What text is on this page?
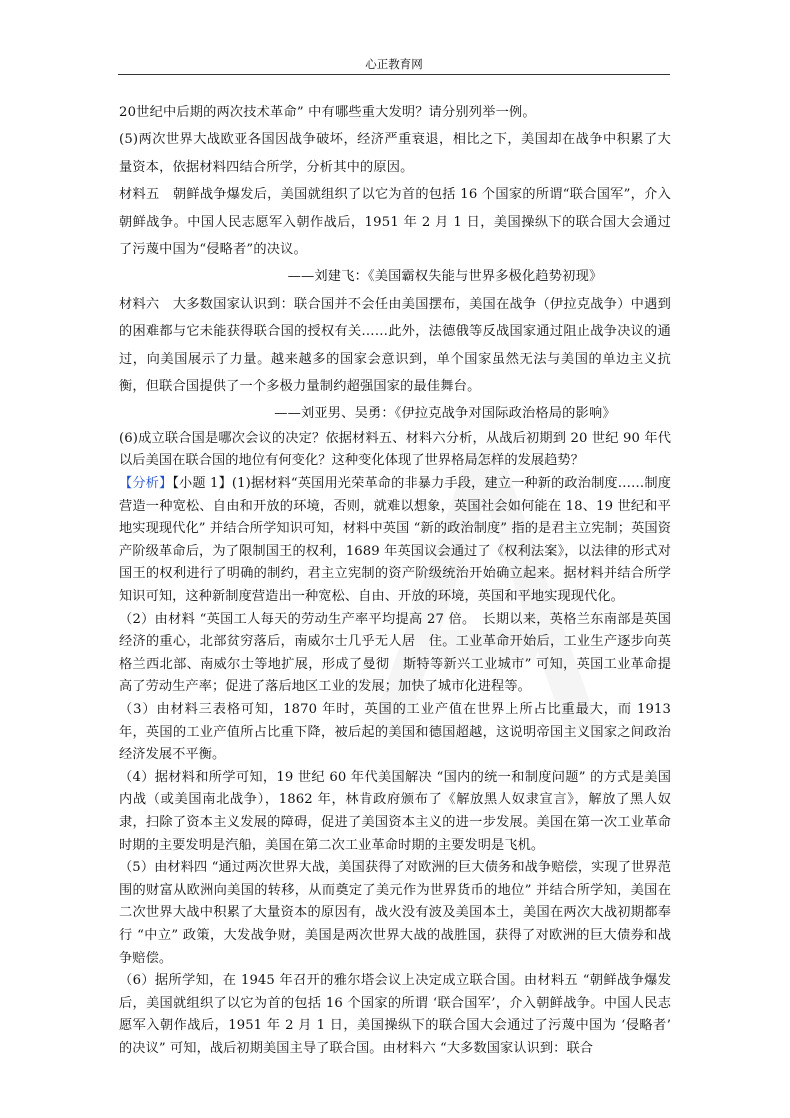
心正教育网

20世纪中后期的两次技术革命” 中有哪些重大发明？请分别列举一例。

(5)两次世界大战欧亚各国因战争破坏，经济严重衰退，相比之下，美国却在战争中积累了大量资本，依据材料四结合所学，分析其中的原因。

材料五　朝鲜战争爆发后，美国就组织了以它为首的包括 16 个国家的所谓“联合国军”，介入朝鲜战争。中国人民志愿军入朝作战后，1951 年 2 月 1 日，美国操纵下的联合国大会通过了污蔑中国为“侵略者”的决议。

——刘建飞：《美国霸权失能与世界多极化趋势初现》

材料六　大多数国家认识到：联合国并不会任由美国摆布，美国在战争（伊拉克战争）中遇到的困难都与它未能获得联合国的授权有关……此外，法德俄等反战国家通过阻止战争决议的通过，向美国展示了力量。越来越多的国家会意识到，单个国家虽然无法与美国的单边主义抗衡，但联合国提供了一个多极力量制约超强国家的最佳舞台。

——刘亚男、吴勇：《伊拉克战争对国际政治格局的影响》

(6)成立联合国是哪次会议的决定？依据材料五、材料六分析，从战后初期到 20 世纪 90 年代以后美国在联合国的地位有何变化？这种变化体现了世界格局怎样的发展趋势？

【分析】【小题 1】(1)据材料“英国用光荣革命的非暴力手段，建立一种新的政治制度……制度营造一种宽松、自由和开放的环境，否则，就难以想象，英国社会如何能在 18、19 世纪和平地实现现代化” 并结合所学知识可知，材料中英国 “新的政治制度” 指的是君主立宪制；英国资产阶级革命后，为了限制国王的权利，1689 年英国议会通过了《权利法案》，以法律的形式对国王的权利进行了明确的制约，君主立宪制的资产阶级统治开始确立起来。据材料并结合所学知识可知，这种新制度营造出一种宽松、自由、开放的环境，英国和平地实现现代化。

（2）由材料 “英国工人每天的劳动生产率平均提高 27 倍。　长期以来，英格兰东南部是英国经济的重心，北部贫穷落后，南威尔士几乎无人居　住。工业革命开始后，工业生产逐步向英格兰西北部、南威尔士等地扩展，形成了曼彻　斯特等新兴工业城市” 可知，英国工业革命提高了劳动生产率；促进了落后地区工业的发展；加快了城市化进程等。

（3）由材料三表格可知，1870 年时，英国的工业产值在世界上所占比重最大，而 1913 年，英国的工业产值所占比重下降，被后起的美国和德国超越，这说明帝国主义国家之间政治经济发展不平衡。

（4）据材料和所学可知，19 世纪 60 年代美国解决 “国内的统一和制度问题” 的方式是美国内战（或美国南北战争），1862 年，林肯政府颁布了《解放黑人奴隶宣言》，解放了黑人奴隶，扫除了资本主义发展的障碍，促进了美国资本主义的进一步发展。美国在第一次工业革命时期的主要发明是汽船，美国在第二次工业革命时期的主要发明是飞机。

（5）由材料四 “通过两次世界大战，美国获得了对欧洲的巨大债务和战争赔偿，实现了世界范围的财富从欧洲向美国的转移，从而奠定了美元作为世界货币的地位” 并结合所学知，美国在二次世界大战中积累了大量资本的原因有，战火没有波及美国本土，美国在两次大战初期都奉行 “中立” 政策，大发战争财，美国是两次世界大战的战胜国，获得了对欧洲的巨大债券和战争赔偿。

（6）据所学知，在 1945 年召开的雅尔塔会议上决定成立联合国。由材料五 “朝鲜战争爆发后，美国就组织了以它为首的包括 16 个国家的所谓 ‘联合国军’，介入朝鲜战争。中国人民志愿军入朝作战后，1951 年 2 月 1 日，美国操纵下的联合国大会通过了污蔑中国为 ‘侵略者’ 的决议” 可知，战后初期美国主导了联合国。由材料六 “大多数国家认识到：联合
